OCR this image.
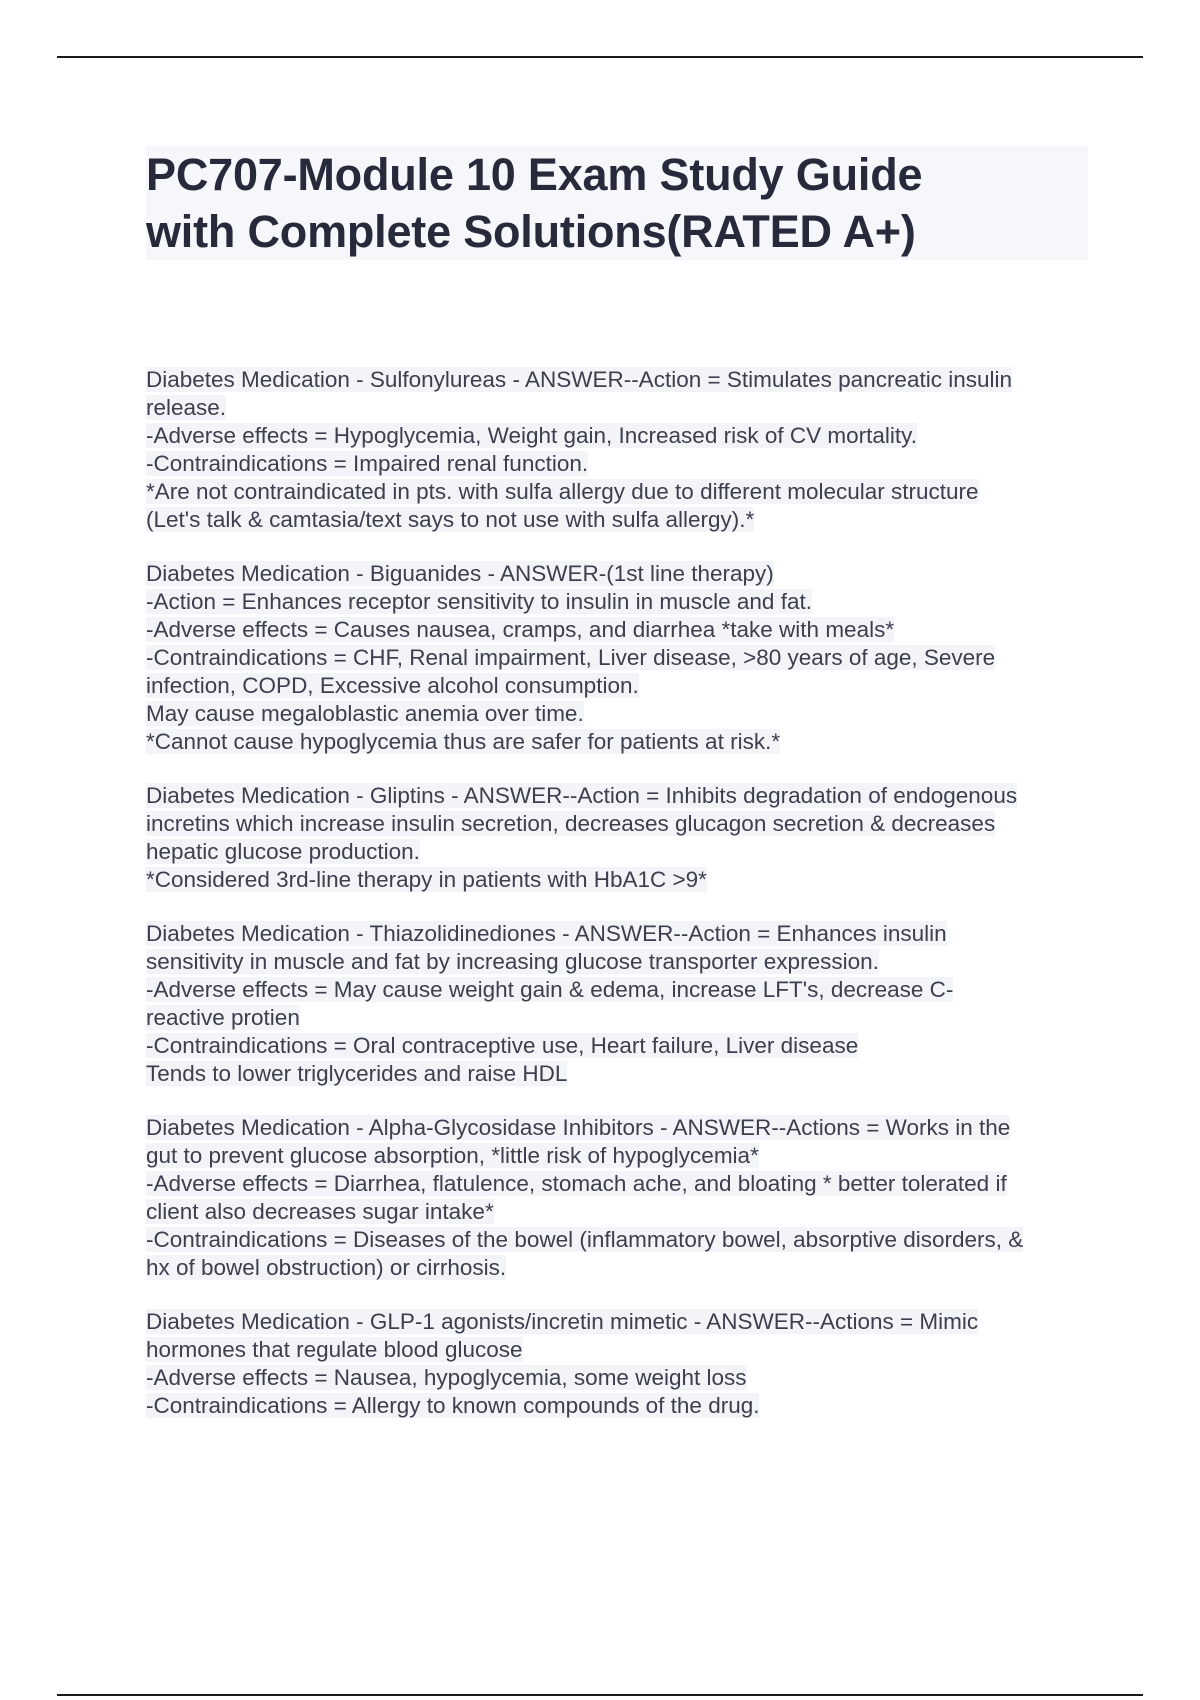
PC707-Module 10 Exam Study Guide
with Complete Solutions(RATED A+)
Diabetes Medication - Sulfonylureas - ANSWER--Action = Stimulates pancreatic insulin
release.
-Adverse effects = Hypoglycemia, Weight gain, Increased risk of CV mortality.
-Contraindications = Impaired renal function.
*Are not contraindicated in pts. with sulfa allergy due to different molecular structure
(Let's talk & camtasia/text says to not use with sulfa allergy).*
Diabetes Medication - Biguanides - ANSWER-(1st line therapy)
-Action = Enhances receptor sensitivity to insulin in muscle and fat.
-Adverse effects = Causes nausea, cramps, and diarrhea *take with meals*
-Contraindications = CHF, Renal impairment, Liver disease, >80 years of age, Severe
infection, COPD, Excessive alcohol consumption.
May cause megaloblastic anemia over time.
*Cannot cause hypoglycemia thus are safer for patients at risk.*
Diabetes Medication - Gliptins - ANSWER--Action = Inhibits degradation of endogenous
incretins which increase insulin secretion, decreases glucagon secretion & decreases
hepatic glucose production.
*Considered 3rd-line therapy in patients with HbA1C >9*
Diabetes Medication - Thiazolidinediones - ANSWER--Action = Enhances insulin
sensitivity in muscle and fat by increasing glucose transporter expression.
-Adverse effects = May cause weight gain & edema, increase LFT's, decrease C-
reactive protien
-Contraindications = Oral contraceptive use, Heart failure, Liver disease
Tends to lower triglycerides and raise HDL
Diabetes Medication - Alpha-Glycosidase Inhibitors - ANSWER--Actions = Works in the
gut to prevent glucose absorption, *little risk of hypoglycemia*
-Adverse effects = Diarrhea, flatulence, stomach ache, and bloating * better tolerated if
client also decreases sugar intake*
-Contraindications = Diseases of the bowel (inflammatory bowel, absorptive disorders, &
hx of bowel obstruction) or cirrhosis.
Diabetes Medication - GLP-1 agonists/incretin mimetic - ANSWER--Actions = Mimic
hormones that regulate blood glucose
-Adverse effects = Nausea, hypoglycemia, some weight loss
-Contraindications = Allergy to known compounds of the drug.
